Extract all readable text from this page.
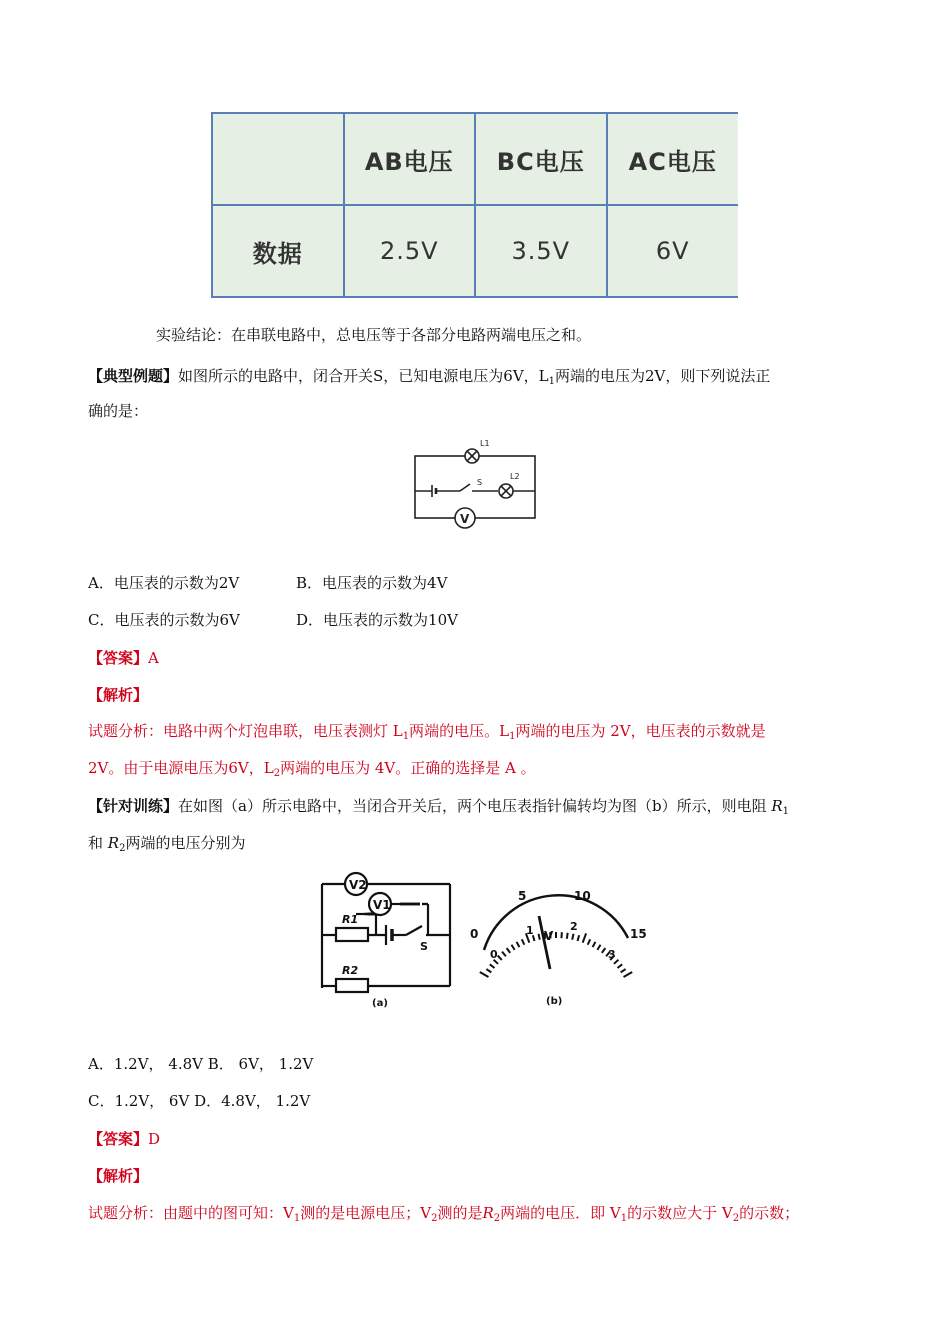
	AB电压	BC电压	AC电压
数据	2.5V	3.5V	6V
实验结论：在串联电路中，总电压等于各部分电路两端电压之和。
【典型例题】如图所示的电路中，闭合开关S，已知电源电压为6V，$L_1$两端的电压为2V，则下列说法正
确的是：
L1
L2
S
V
A．电压表的示数为2V	B．电压表的示数为4V
C．电压表的示数为6V	D．电压表的示数为10V
【答案】A
【解析】
试题分析：电路中两个灯泡串联，电压表测灯 $L_1$两端的电压。$L_1$两端的电压为 2V，电压表的示数就是
2V。由于电源电压为6V，$L_2$两端的电压为 4V。正确的选择是 A 。
【针对训练】在如图（a）所示电路中，当闭合开关后，两个电压表指针偏转均为图（b）所示，则电阻 $R_1$
和 $R_2$两端的电压分别为
V2
V1
R1
R2
S
(a)
0
5	10
15
0
1	2
3
V
(b)
A．1.2V， 4.8V B． 6V， 1.2V
C．1.2V， 6V D．4.8V， 1.2V
【答案】D
【解析】
试题分析：由题中的图可知：$V_1$测的是电源电压；$V_2$测的是$R_2$两端的电压．即 $V_1$的示数应大于 $V_2$的示数；
